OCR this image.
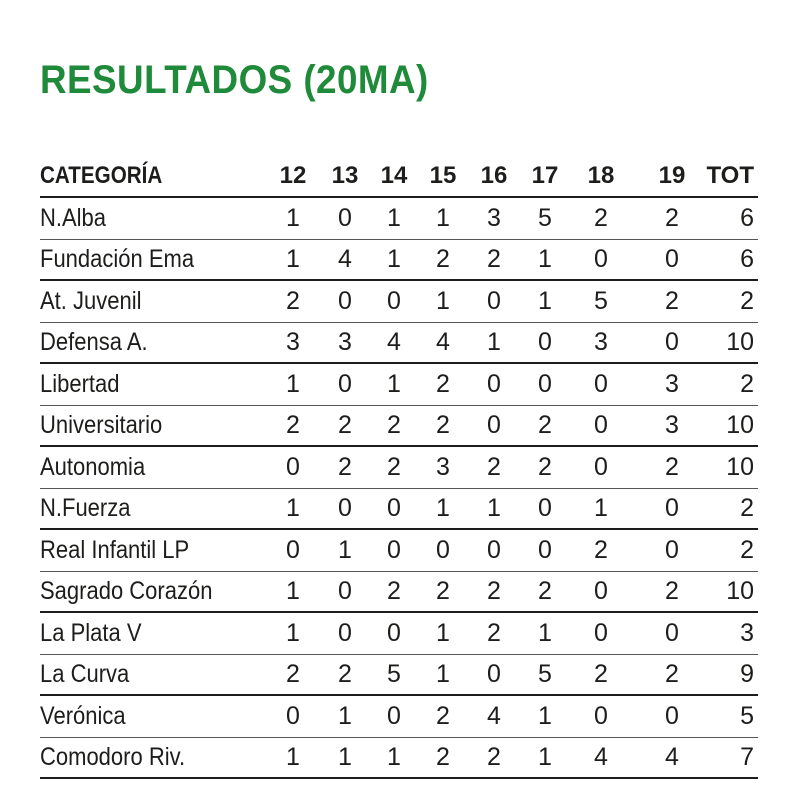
RESULTADOS (20MA)
CATEGORÍA	12 13 14 15 16 17 18 19 TOT
N.Alba	1	0	1	1	3	5	2	2	6
Fundación Ema	1	4	1	2	2	1	0	0	6
At. Juvenil	2	0	0	1	0	1	5	2	2
Defensa A.	3	3	4	4	1	0	3	0	10
Libertad	1	0	1	2	0	0	0	3	2
Universitario	2	2	2	2	0	2	0	3	10
Autonomia	0	2	2	3	2	2	0	2	10
N.Fuerza	1	0	0	1	1	0	1	0	2
Real Infantil LP	0	1	0	0	0	0	2	0	2
Sagrado Corazón	1	0	2	2	2	2	0	2	10
La Plata V	1	0	0	1	2	1	0	0	3
La Curva	2	2	5	1	0	5	2	2	9
Verónica	0	1	0	2	4	1	0	0	5
Comodoro Riv.	1	1	1	2	2	1	4	4	7
